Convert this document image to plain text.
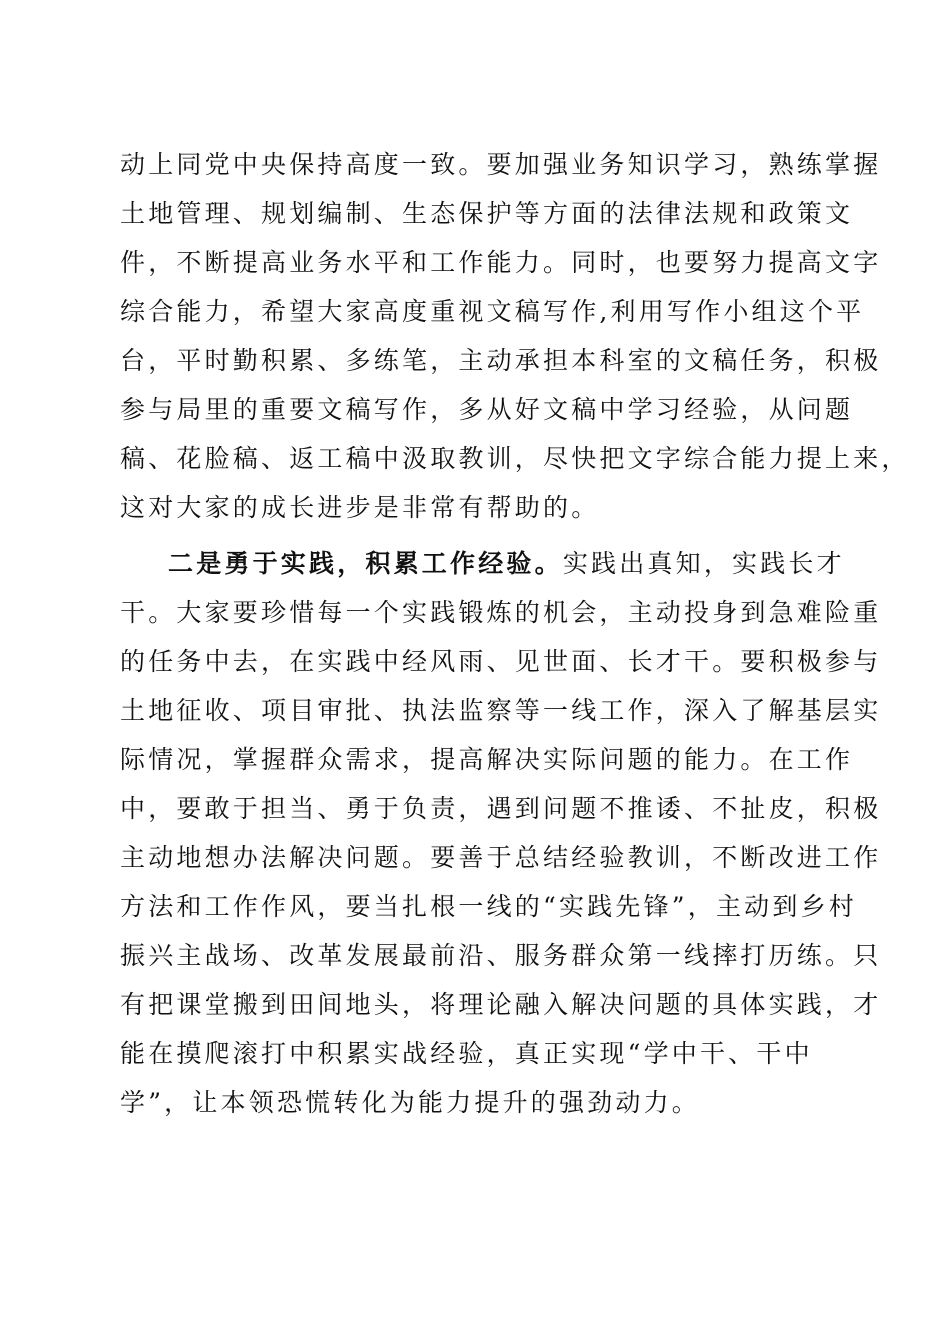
动上同党中央保持高度一致。要加强业务知识学习，熟练掌握
土地管理、规划编制、生态保护等方面的法律法规和政策文
件，不断提高业务水平和工作能力。同时，也要努力提高文字
综合能力，希望大家高度重视文稿写作,利用写作小组这个平
台，平时勤积累、多练笔，主动承担本科室的文稿任务，积极
参与局里的重要文稿写作，多从好文稿中学习经验，从问题
稿、花脸稿、返工稿中汲取教训，尽快把文字综合能力提上来，
这对大家的成长进步是非常有帮助的。
二是勇于实践，积累工作经验。实践出真知，实践长才
干。大家要珍惜每一个实践锻炼的机会，主动投身到急难险重
的任务中去，在实践中经风雨、见世面、长才干。要积极参与
土地征收、项目审批、执法监察等一线工作，深入了解基层实
际情况，掌握群众需求，提高解决实际问题的能力。在工作
中，要敢于担当、勇于负责，遇到问题不推诿、不扯皮，积极
主动地想办法解决问题。要善于总结经验教训，不断改进工作
方法和工作作风，要当扎根一线的“实践先锋”，主动到乡村
振兴主战场、改革发展最前沿、服务群众第一线摔打历练。只
有把课堂搬到田间地头，将理论融入解决问题的具体实践，才
能在摸爬滚打中积累实战经验，真正实现“学中干、干中
学”，让本领恐慌转化为能力提升的强劲动力。
